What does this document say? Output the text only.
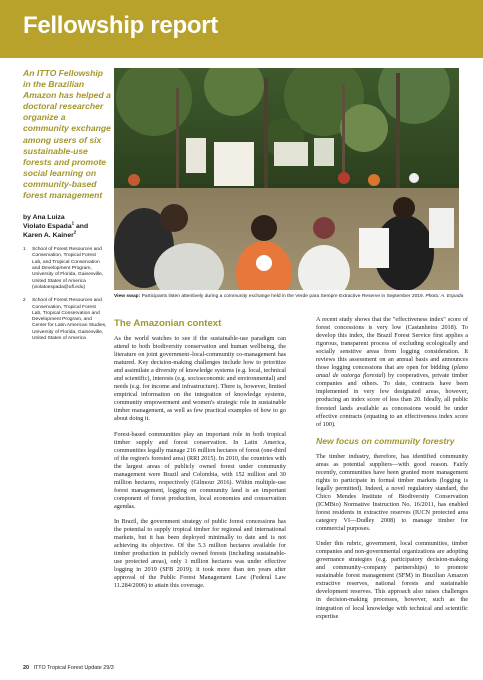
Fellowship report

An ITTO Fellowship in the Brazilian Amazon has helped a doctoral researcher organize a community exchange among users of six sustainable-use forests and promote social learning on community-based forest management

by Ana Luiza
Violato Espada$^1$ and
Karen A. Kainer$^2$
1 School of Forest Resources and
Conservation, Tropical Forest
Lab, and Tropical Conservation
and Development Program,
University of Florida, Gainesville,
United States of America
(violatoespada@ufl.edu)
2 School of Forest Resources and
Conservation, Tropical Forest
Lab, Tropical Conservation and
Development Program, and
Center for Latin American Studies,
University of Florida, Gainesville,
United States of America
View swap: Participants listen attentively during a community exchange held in the Verde para Sempre Extractive Reserve in September 2019. Photo: A. Espada
The Amazonian context

As the world watches to see if the sustainable-use paradigm can attend to both biodiversity conservation and human wellbeing, the literature on joint government–local-community co-management has matured. Key decision-making challenges include how to prioritize and assimilate a diversity of knowledge systems (e.g. local, technical and scientific), interests (e.g. socioeconomic and environmental) and needs (e.g. for income and infrastructure). There is, however, limited empirical information on the integration of knowledge systems, community empowerment and women's strategic role in sustainable timber management, as well as few practical examples of how to go about doing it.

Forest-based communities play an important role in both tropical timber supply and forest conservation. In Latin America, communities legally manage 216 million hectares of forest (one-third of the region's forested area) (RRI 2015). In 2010, the countries with the largest areas of publicly owned forest under community management were Brazil and Colombia, with 152 million and 30 million hectares, respectively (Gilmour 2016). Within multiple-use forest management, logging on community land is an important component of forest production, local economies and conservation agendas.

In Brazil, the government strategy of public forest concessions has the potential to supply tropical timber for regional and international markets, but it has been deployed minimally to date and is not achieving its objective. Of the 5.3 million hectares available for timber production in publicly owned forests (including sustainable-use protected areas), only 1 million hectares was under effective logging in 2019 (SFB 2019); it took more than ten years after approval of the Public Forest Management Law (Federal Law 11.284/2006) to attain this coverage.

A recent study shows that the "effectiveness index" score of forest concessions is very low (Castanheira 2018). To develop this index, the Brazil Forest Service first applies a rigorous, transparent process of excluding ecologically and socially sensitive areas from logging consideration. It reviews this assessment on an annual basis and announces those logging concessions that are open for bidding (plano anual de outorga florestal) by cooperatives, private timber companies and others. To date, contracts have been implemented in very few designated areas, however, producing an index score of less than 20. Ideally, all public forested lands available as concessions would be under effective contracts (equating to an effectiveness index score of 100).

New focus on community forestry

The timber industry, therefore, has identified community areas as potential suppliers—with good reason. Fairly recently, communities have been granted more management rights to participate in formal timber markets (logging is legally permitted). Indeed, a novel regulatory standard, the Chico Mendes Institute of Biodiversity Conservation (ICMBio) Normative Instruction No. 16/2011, has enabled forest residents in extractive reserves (IUCN protected area category VI—Dudley 2008) to manage timber for commercial purposes.

Under this rubric, government, local communities, timber companies and non-governmental organizations are adopting governance strategies (e.g. participatory decision-making and community–company partnerships) to promote sustainable forest management (SFM) in Brazilian Amazon extractive reserves, national forests and sustainable development reserves. This approach also raises challenges in decision-making processes, however, such as the integration of local knowledge with technical and scientific expertise

20 ITTO Tropical Forest Update 29/3
